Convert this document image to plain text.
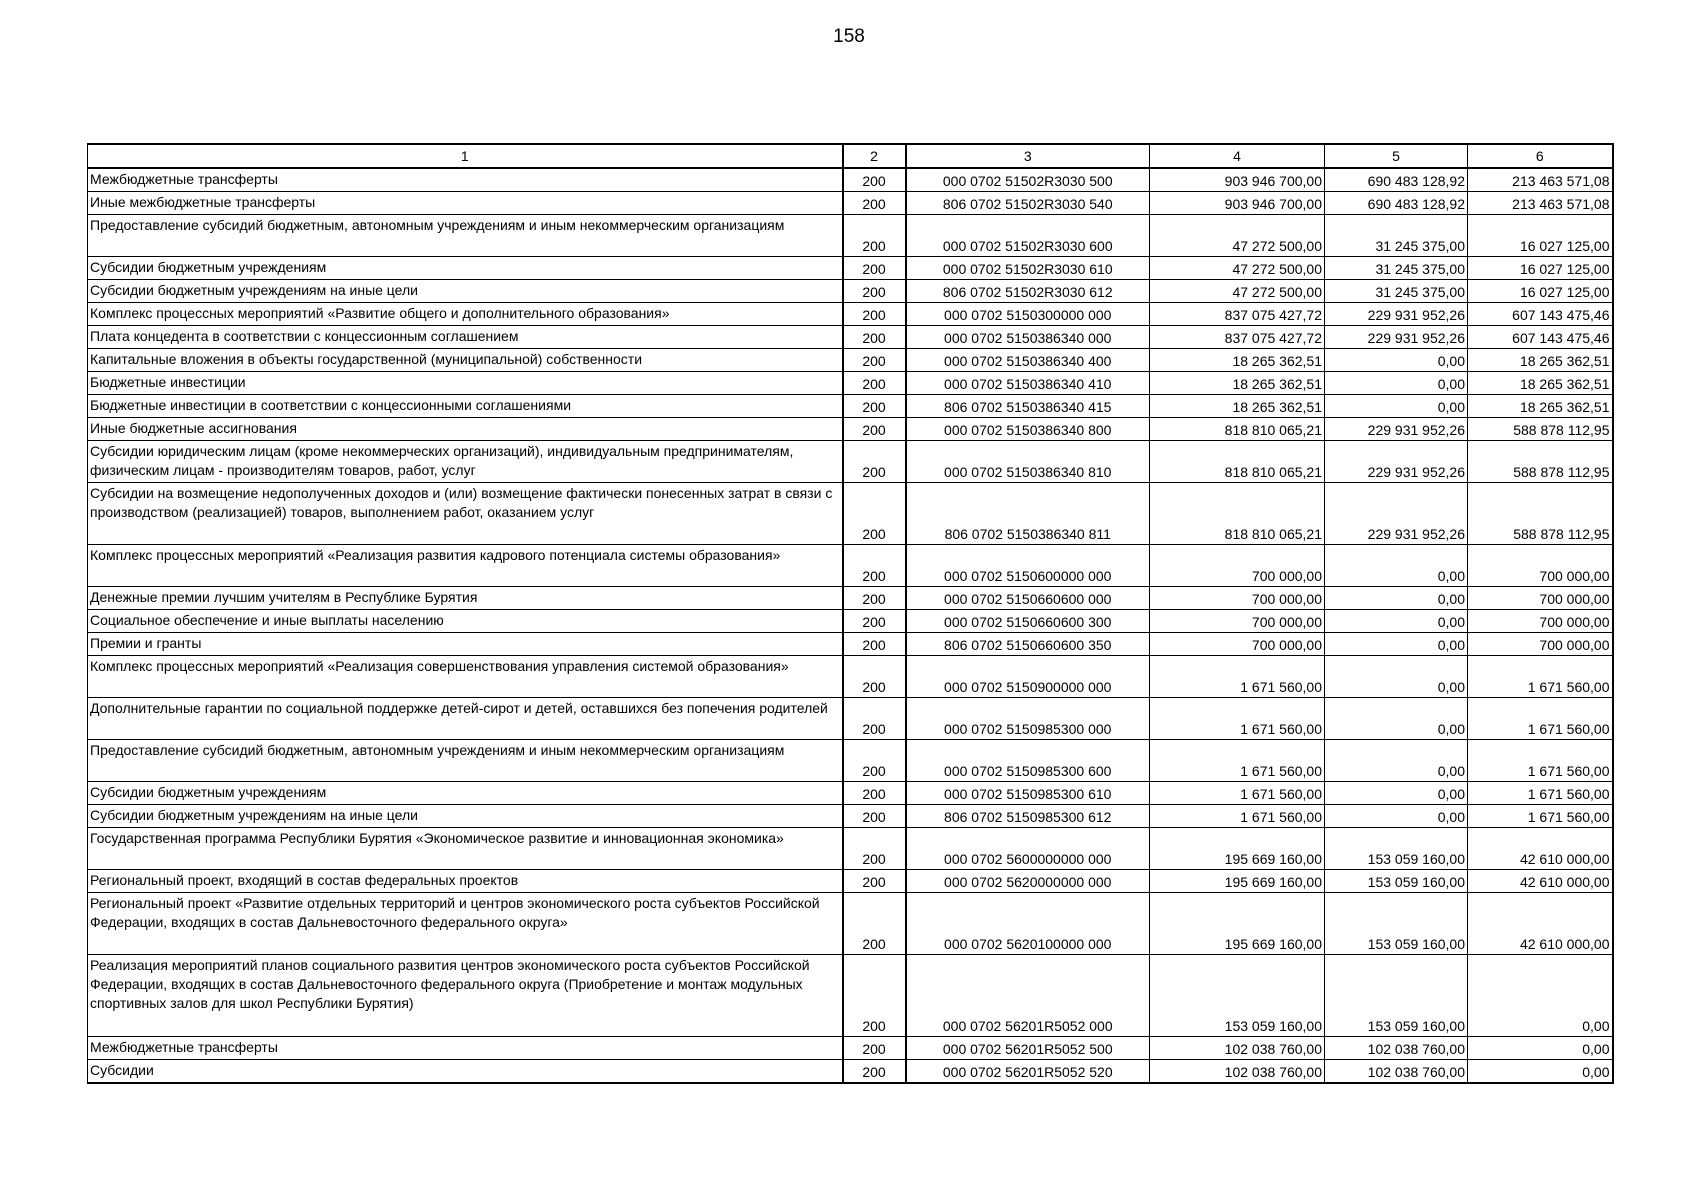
158
1	2	3	4	5	6
Межбюджетные трансферты	200	000 0702 51502R3030 500	903 946 700,00	690 483 128,92	213 463 571,08
Иные межбюджетные трансферты	200	806 0702 51502R3030 540	903 946 700,00	690 483 128,92	213 463 571,08
Предоставление субсидий бюджетным, автономным учреждениям и иным некоммерческим организациям	200	000 0702 51502R3030 600	47 272 500,00	31 245 375,00	16 027 125,00
Субсидии бюджетным учреждениям	200	000 0702 51502R3030 610	47 272 500,00	31 245 375,00	16 027 125,00
Субсидии бюджетным учреждениям на иные цели	200	806 0702 51502R3030 612	47 272 500,00	31 245 375,00	16 027 125,00
Комплекс процессных мероприятий «Развитие общего и дополнительного образования»	200	000 0702 5150300000 000	837 075 427,72	229 931 952,26	607 143 475,46
Плата концедента в соответствии с концессионным соглашением	200	000 0702 5150386340 000	837 075 427,72	229 931 952,26	607 143 475,46
Капитальные вложения в объекты государственной (муниципальной) собственности	200	000 0702 5150386340 400	18 265 362,51	0,00	18 265 362,51
Бюджетные инвестиции	200	000 0702 5150386340 410	18 265 362,51	0,00	18 265 362,51
Бюджетные инвестиции в соответствии с концессионными соглашениями	200	806 0702 5150386340 415	18 265 362,51	0,00	18 265 362,51
Иные бюджетные ассигнования	200	000 0702 5150386340 800	818 810 065,21	229 931 952,26	588 878 112,95
Субсидии юридическим лицам (кроме некоммерческих организаций), индивидуальным предпринимателям, физическим лицам - производителям товаров, работ, услуг	200	000 0702 5150386340 810	818 810 065,21	229 931 952,26	588 878 112,95
Субсидии на возмещение недополученных доходов и (или) возмещение фактически понесенных затрат в связи с производством (реализацией) товаров, выполнением работ, оказанием услуг	200	806 0702 5150386340 811	818 810 065,21	229 931 952,26	588 878 112,95
Комплекс процессных мероприятий «Реализация развития кадрового потенциала системы образования»	200	000 0702 5150600000 000	700 000,00	0,00	700 000,00
Денежные премии лучшим учителям в Республике Бурятия	200	000 0702 5150660600 000	700 000,00	0,00	700 000,00
Социальное обеспечение и иные выплаты населению	200	000 0702 5150660600 300	700 000,00	0,00	700 000,00
Премии и гранты	200	806 0702 5150660600 350	700 000,00	0,00	700 000,00
Комплекс процессных мероприятий «Реализация совершенствования управления системой образования»	200	000 0702 5150900000 000	1 671 560,00	0,00	1 671 560,00
Дополнительные гарантии по социальной поддержке детей-сирот и детей, оставшихся без попечения родителей	200	000 0702 5150985300 000	1 671 560,00	0,00	1 671 560,00
Предоставление субсидий бюджетным, автономным учреждениям и иным некоммерческим организациям	200	000 0702 5150985300 600	1 671 560,00	0,00	1 671 560,00
Субсидии бюджетным учреждениям	200	000 0702 5150985300 610	1 671 560,00	0,00	1 671 560,00
Субсидии бюджетным учреждениям на иные цели	200	806 0702 5150985300 612	1 671 560,00	0,00	1 671 560,00
Государственная программа Республики Бурятия «Экономическое развитие и инновационная экономика»	200	000 0702 5600000000 000	195 669 160,00	153 059 160,00	42 610 000,00
Региональный проект, входящий в состав федеральных проектов	200	000 0702 5620000000 000	195 669 160,00	153 059 160,00	42 610 000,00
Региональный проект «Развитие отдельных территорий и центров экономического роста субъектов Российской Федерации, входящих в состав Дальневосточного федерального округа»	200	000 0702 5620100000 000	195 669 160,00	153 059 160,00	42 610 000,00
Реализация мероприятий планов социального развития центров экономического роста субъектов Российской Федерации, входящих в состав Дальневосточного федерального округа (Приобретение и монтаж модульных спортивных залов для школ Республики Бурятия)	200	000 0702 56201R5052 000	153 059 160,00	153 059 160,00	0,00
Межбюджетные трансферты	200	000 0702 56201R5052 500	102 038 760,00	102 038 760,00	0,00
Субсидии	200	000 0702 56201R5052 520	102 038 760,00	102 038 760,00	0,00
